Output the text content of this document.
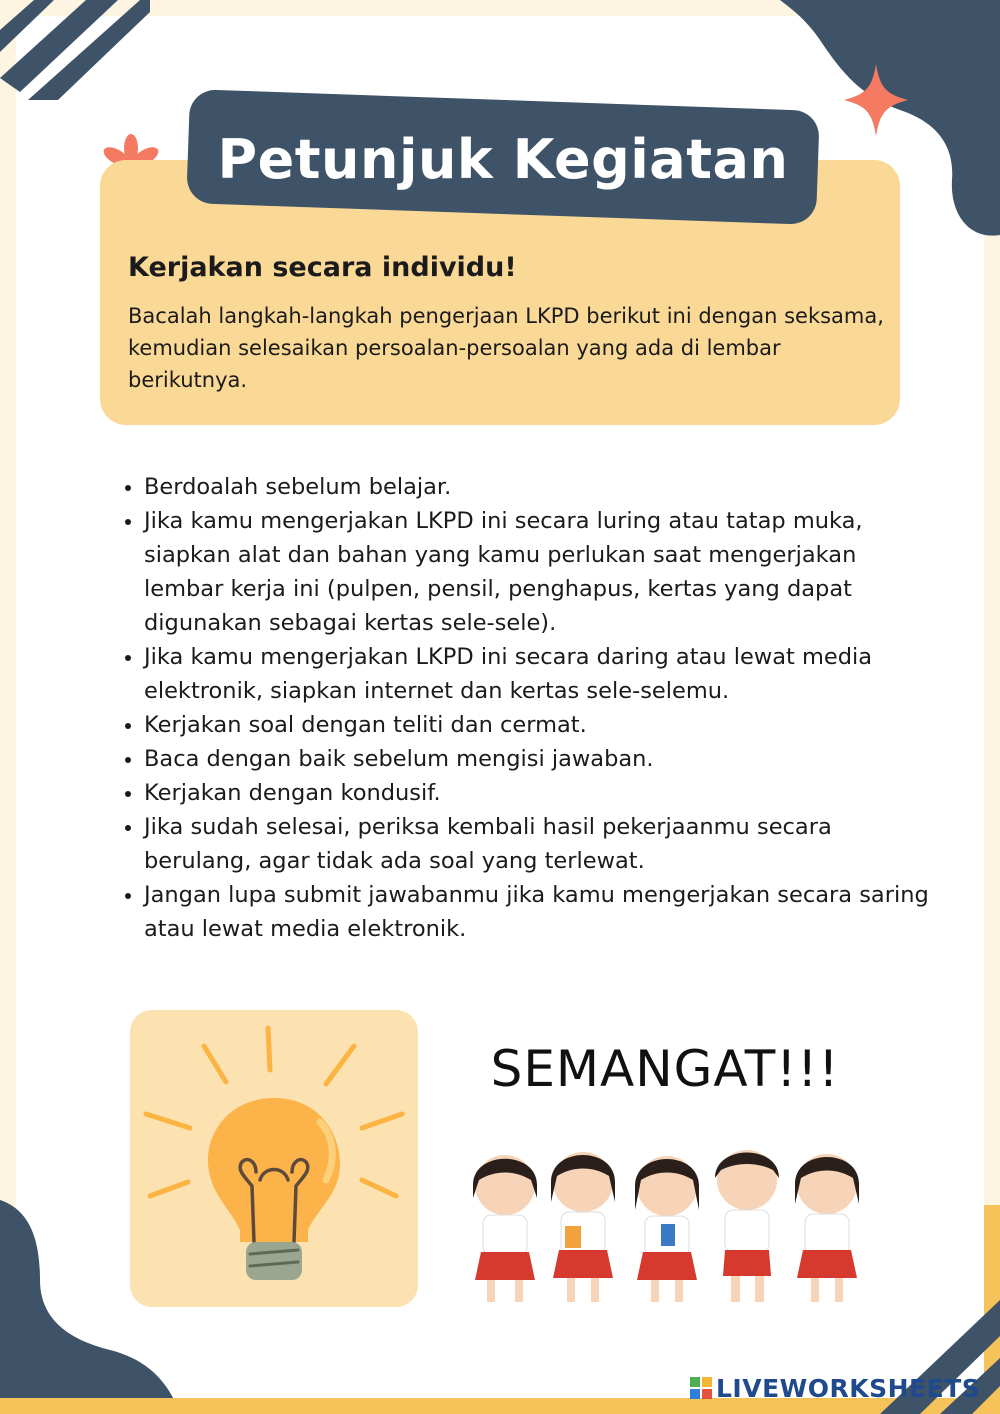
Petunjuk Kegiatan
Kerjakan secara individu!
Bacalah langkah-langkah pengerjaan LKPD berikut ini dengan seksama, kemudian selesaikan persoalan-persoalan yang ada di lembar berikutnya.
• Berdoalah sebelum belajar.
• Jika kamu mengerjakan LKPD ini secara luring atau tatap muka, siapkan alat dan bahan yang kamu perlukan saat mengerjakan lembar kerja ini (pulpen, pensil, penghapus, kertas yang dapat digunakan sebagai kertas sele-sele).
• Jika kamu mengerjakan LKPD ini secara daring atau lewat media elektronik, siapkan internet dan kertas sele-selemu.
• Kerjakan soal dengan teliti dan cermat.
• Baca dengan baik sebelum mengisi jawaban.
• Kerjakan dengan kondusif.
• Jika sudah selesai, periksa kembali hasil pekerjaanmu secara berulang, agar tidak ada soal yang terlewat.
• Jangan lupa submit jawabanmu jika kamu mengerjakan secara saring atau lewat media elektronik.
SEMANGAT!!!
LIVEWORKSHEETS
